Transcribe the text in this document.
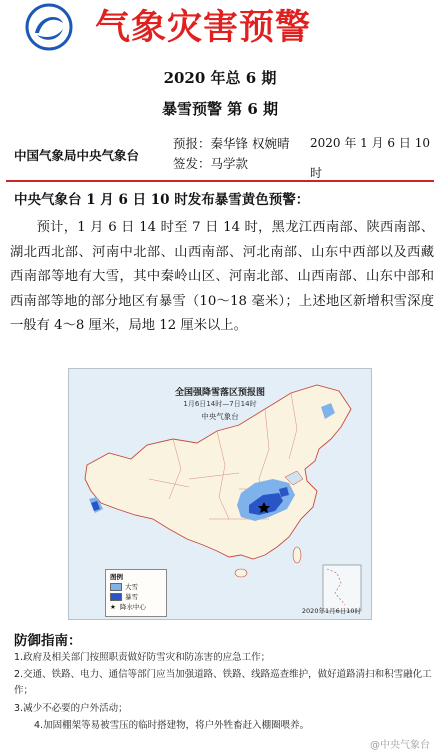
气象灾害预警
2020 年总 6 期
暴雪预警 第 6 期
中国气象局中央气象台
预报：秦华锋 权婉晴
签发：马学款
2020 年 1 月 6 日 10 时
中央气象台 1 月 6 日 10 时发布暴雪黄色预警：

预计，1 月 6 日 14 时至 7 日 14 时，黑龙江西南部、陕西南部、湖北西北部、河南中北部、山西南部、河北南部、山东中西部以及西藏西南部等地有大雪，其中秦岭山区、河南北部、山西南部、山东中部和西南部等地的部分地区有暴雪（10～18 毫米）；上述地区新增积雪深度一般有 4～8 厘米，局地 12 厘米以上。

全国强降雪落区预报图
1月6日14时—7日14时
中央气象台
图例
大雪
暴雪
★ 降水中心	2020年1月6日10时
防御指南：

1.政府及相关部门按照职责做好防雪灾和防冻害的应急工作；

2.交通、铁路、电力、通信等部门应当加强道路、铁路、线路巡查维护，做好道路清扫和积雪融化工作；

3.减少不必要的户外活动；

4.加固棚架等易被雪压的临时搭建物，将户外牲畜赶入棚圈喂养。

@中央气象台
